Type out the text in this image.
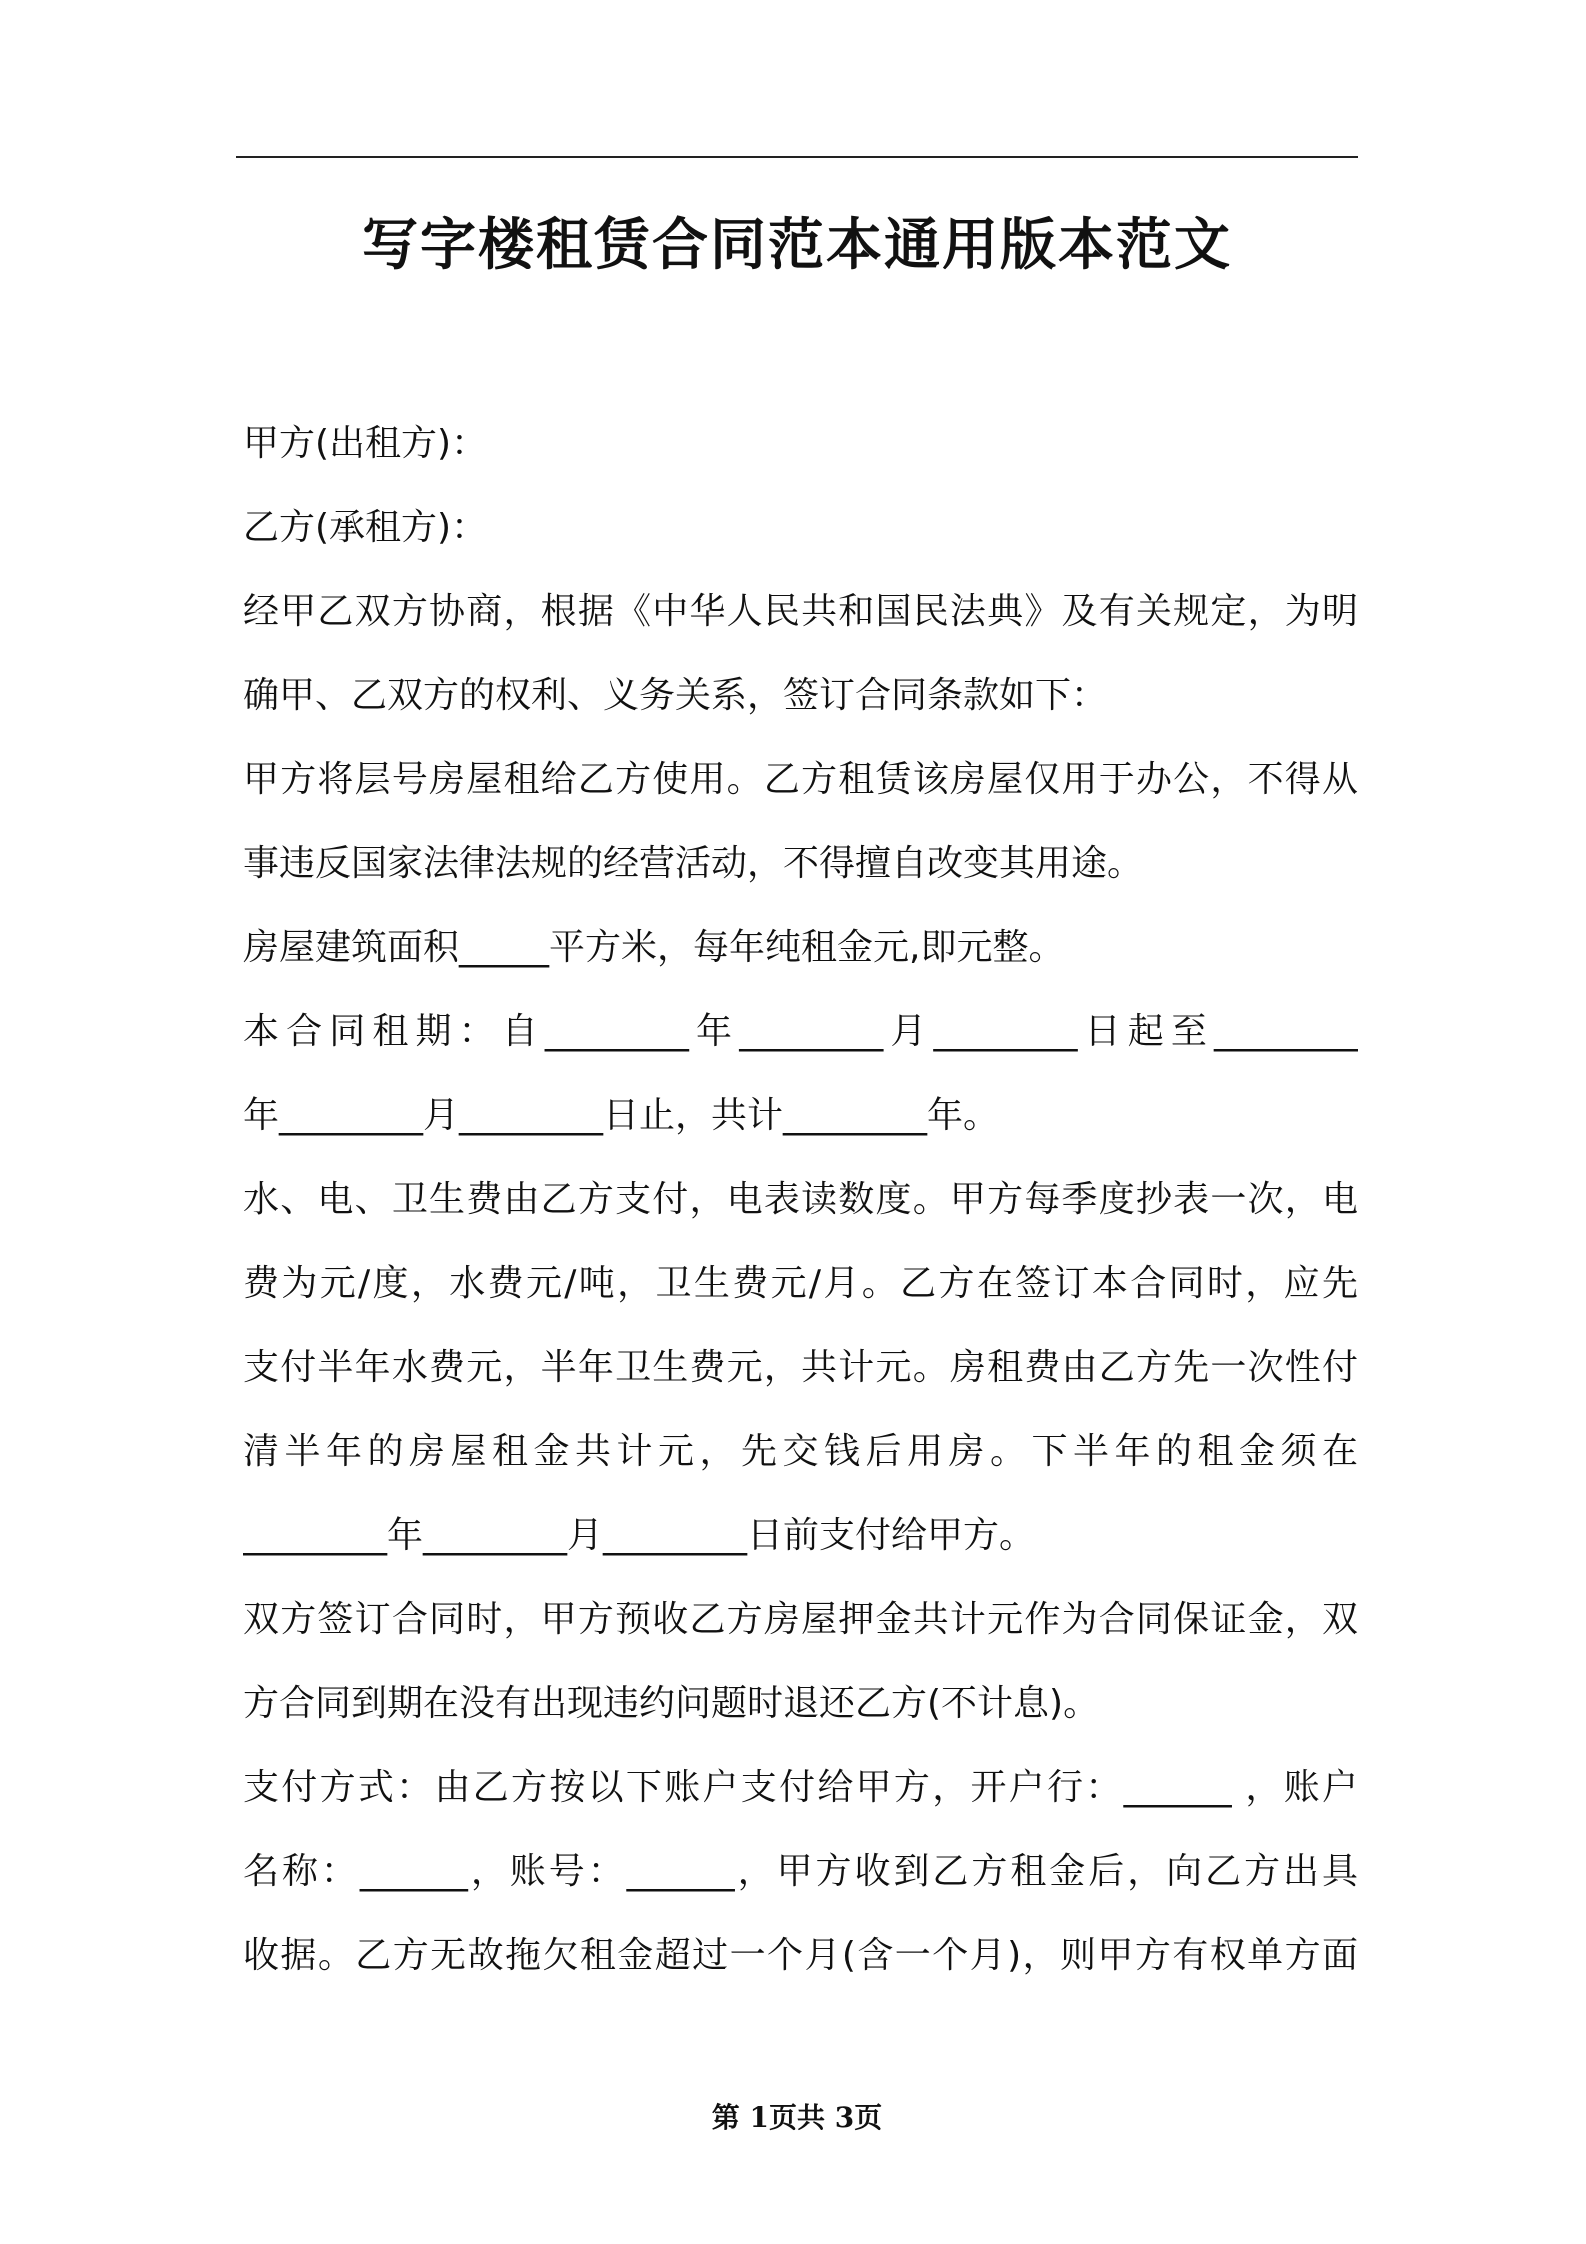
写字楼租赁合同范本通用版本范文
甲方(出租方)：
乙方(承租方)：
经甲乙双方协商，根据《中华人民共和国民法典》及有关规定，为明
确甲、乙双方的权利、义务关系，签订合同条款如下：
甲方将层号房屋租给乙方使用。乙方租赁该房屋仅用于办公，不得从
事违反国家法律法规的经营活动，不得擅自改变其用途。
房屋建筑面积_____平方米，每年纯租金元,即元整。
本合同租期：自________年________月________日起至________
年________月________日止，共计________年。
水、电、卫生费由乙方支付，电表读数度。甲方每季度抄表一次，电
费为元/度，水费元/吨，卫生费元/月。乙方在签订本合同时，应先
支付半年水费元，半年卫生费元，共计元。房租费由乙方先一次性付
清半年的房屋租金共计元，先交钱后用房。下半年的租金须在
________年________月________日前支付给甲方。
双方签订合同时，甲方预收乙方房屋押金共计元作为合同保证金，双
方合同到期在没有出现违约问题时退还乙方(不计息)。
支付方式：由乙方按以下账户支付给甲方，开户行：______ ，账户
名称：______，账号：______，甲方收到乙方租金后，向乙方出具
收据。乙方无故拖欠租金超过一个月(含一个月)，则甲方有权单方面
第 1页共 3页
